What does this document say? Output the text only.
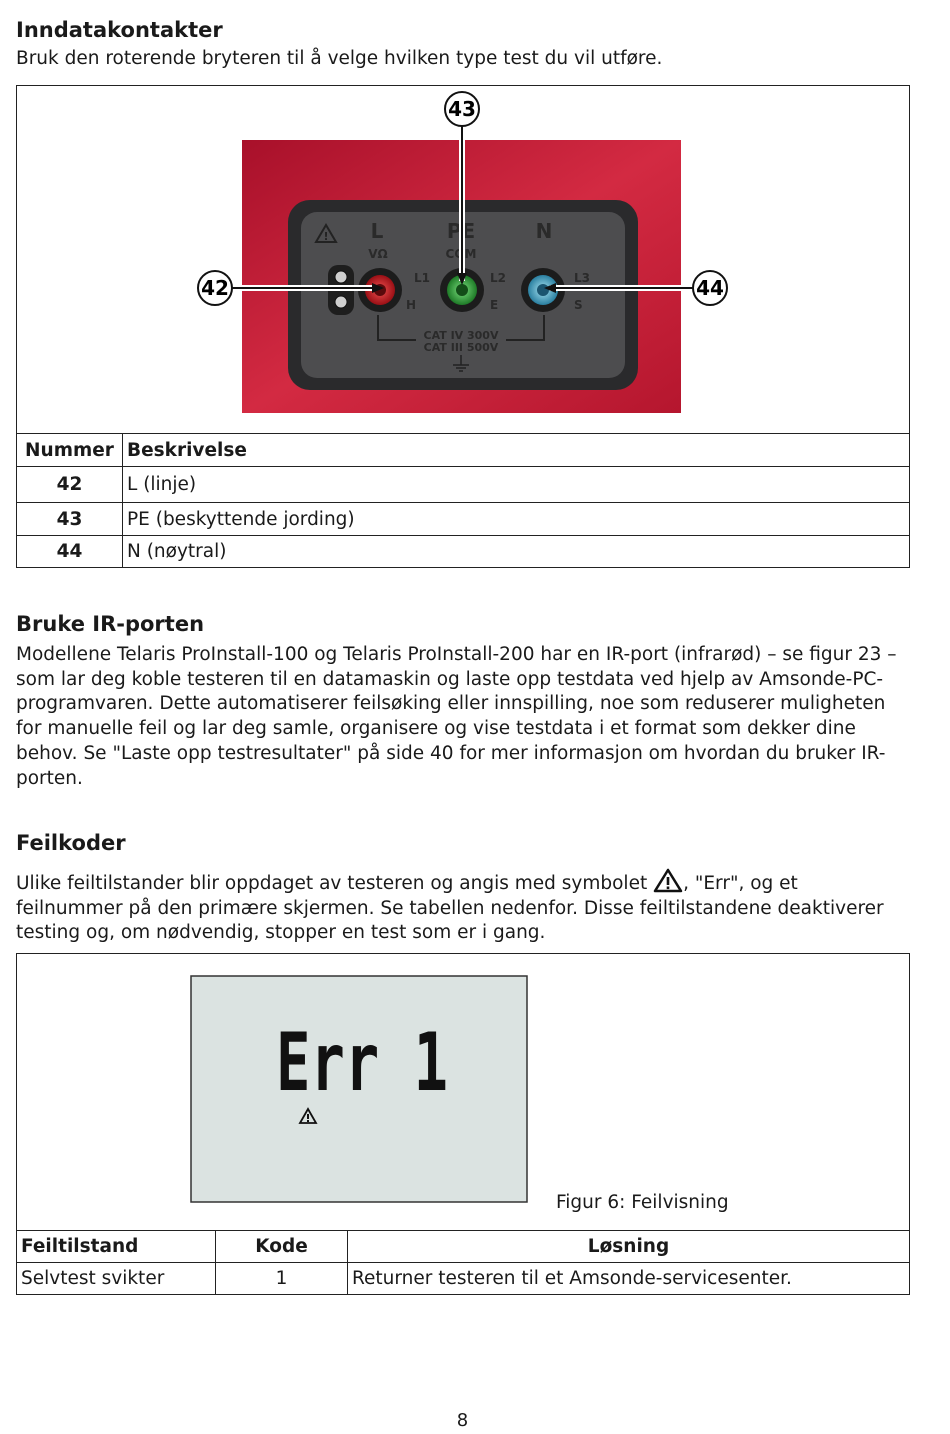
Inndatakontakter

Bruk den roterende bryteren til å velge hvilken type test du vil utføre.

! L	PE	N
VΩ	COM
L1	L2	L3
H	E	S
CAT IV 300V
CAT III 500V
42
43
44
Nummer	Beskrivelse
42	L (linje)
43	PE (beskyttende jording)
44	N (nøytral)
Bruke IR-porten

Modellene Telaris ProInstall-100 og Telaris ProInstall-200 har en IR-port (infrarød) – se figur 23 – som lar deg koble testeren til en datamaskin og laste opp testdata ved hjelp av Amsonde-PC-programvaren. Dette automatiserer feilsøking eller innspilling, noe som reduserer muligheten for manuelle feil og lar deg samle, organisere og vise testdata i et format som dekker dine behov. Se "Laste opp testresultater" på side 40 for mer informasjon om hvordan du bruker IR-porten.

Feilkoder

Ulike feiltilstander blir oppdaget av testeren og angis med symbolet , "Err", og et feilnummer på den primære skjermen. Se tabellen nedenfor. Disse feiltilstandene deaktiverer testing og, om nødvendig, stopper en test som er i gang.

Err 1
Figur 6: Feilvisning
Feiltilstand	Kode	Løsning
Selvtest svikter	1	Returner testeren til et Amsonde-servicesenter.
8
